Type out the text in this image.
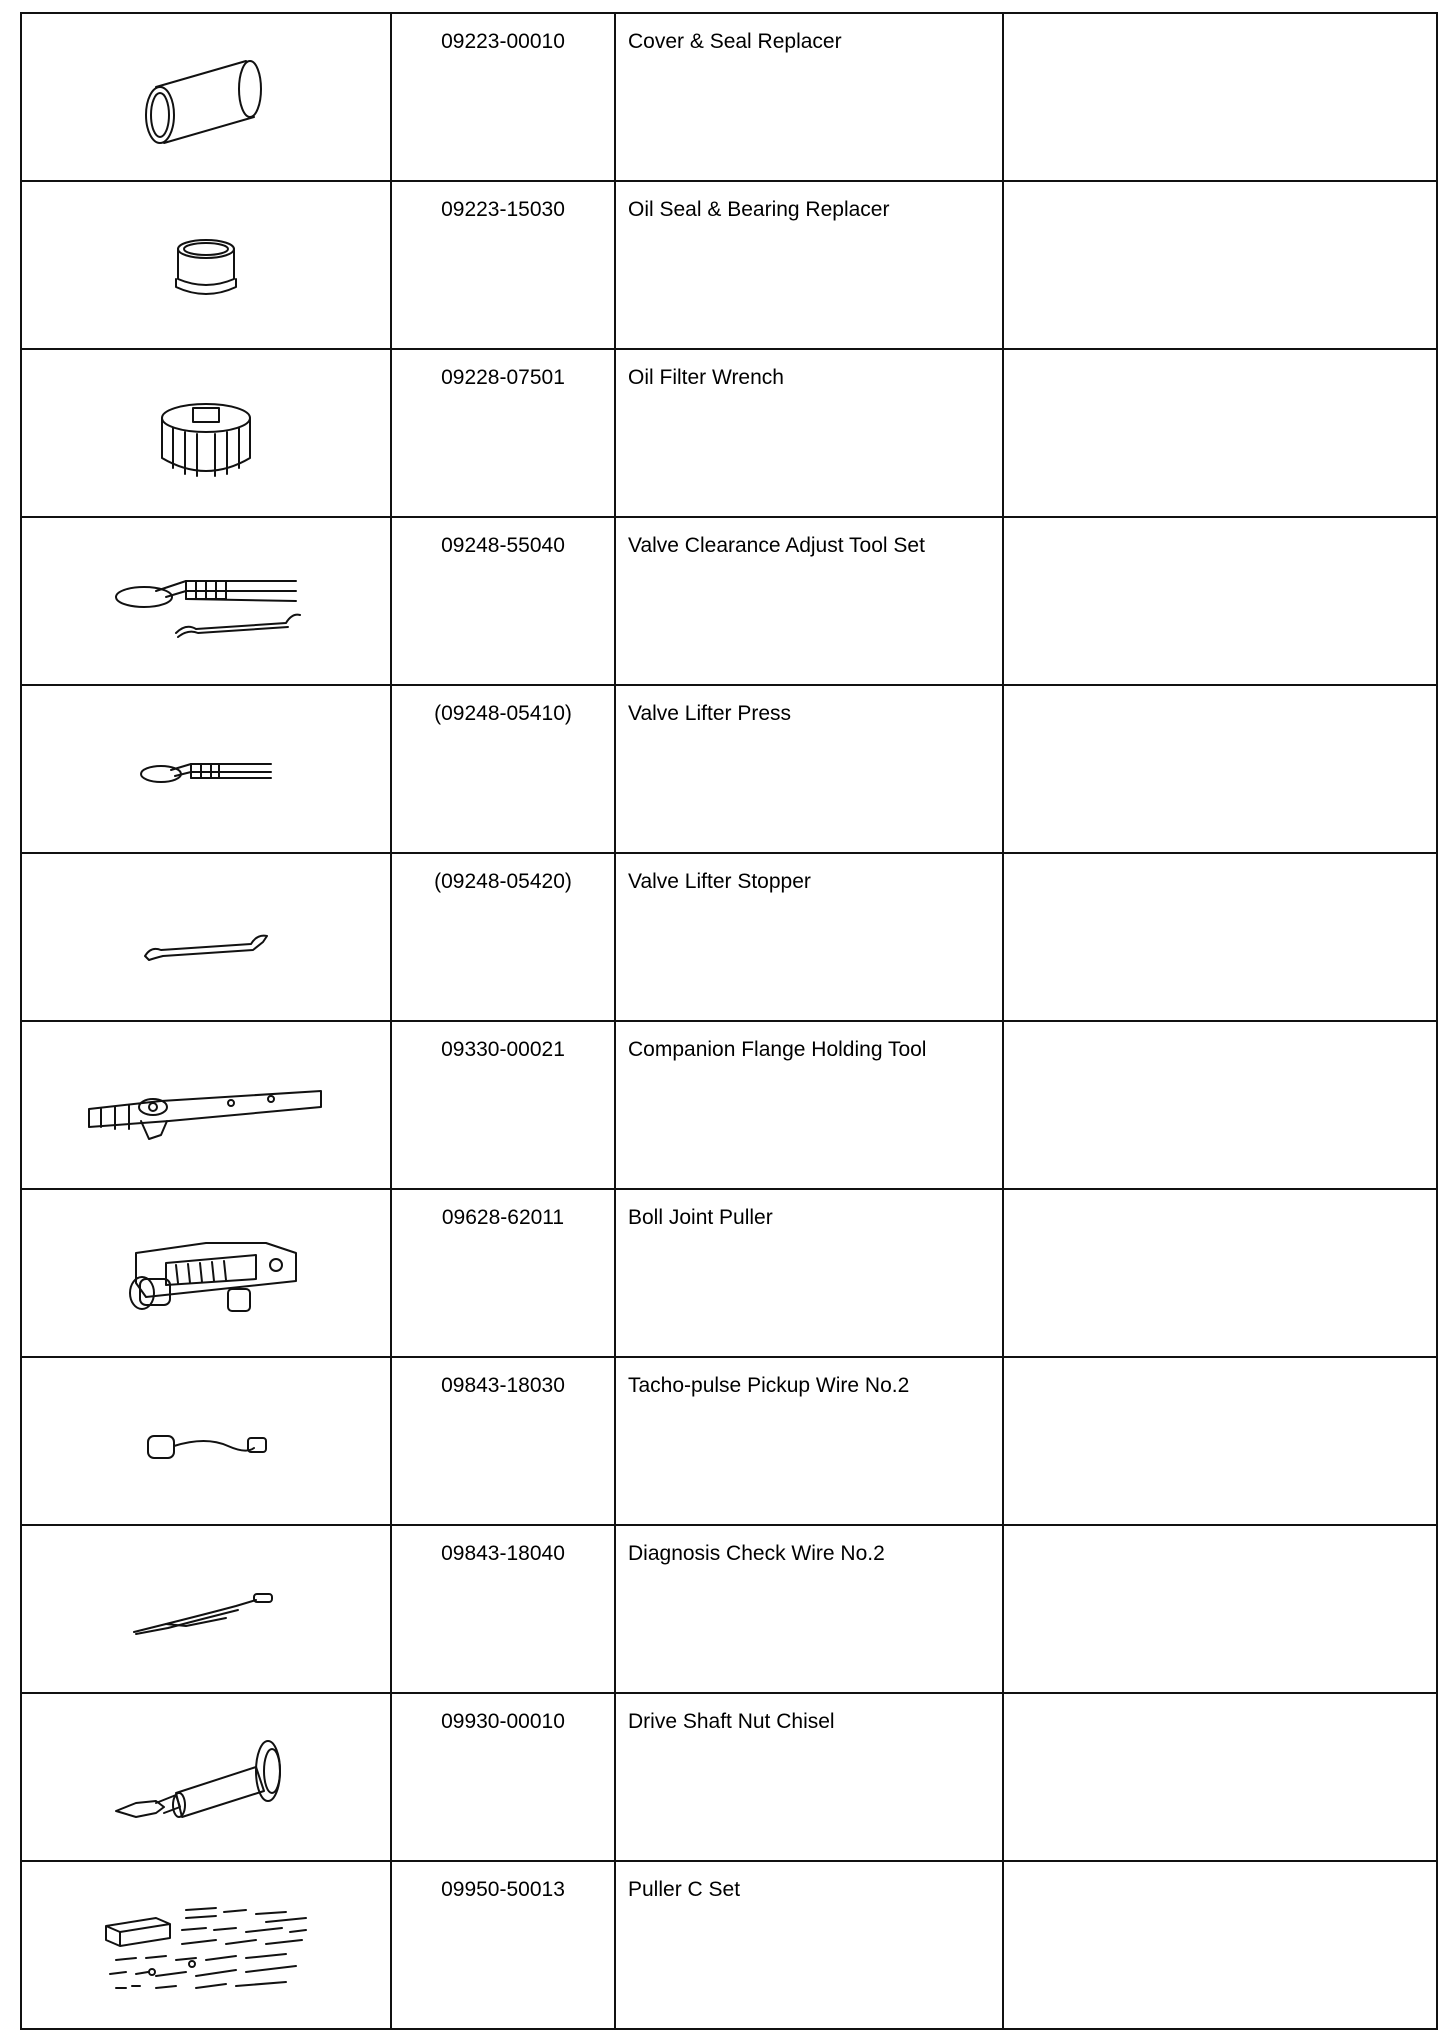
	09223-00010	Cover & Seal Replacer	

	09223-15030	Oil Seal & Bearing Replacer	

	09228-07501	Oil Filter Wrench	

	09248-55040	Valve Clearance Adjust Tool Set	

	(09248-05410)	Valve Lifter Press	

	(09248-05420)	Valve Lifter Stopper	

	09330-00021	Companion Flange Holding Tool	

	09628-62011	Boll Joint Puller	

	09843-18030	Tacho-pulse Pickup Wire No.2	

	09843-18040	Diagnosis Check Wire No.2	

	09930-00010	Drive Shaft Nut Chisel	

	09950-50013	Puller C Set	
